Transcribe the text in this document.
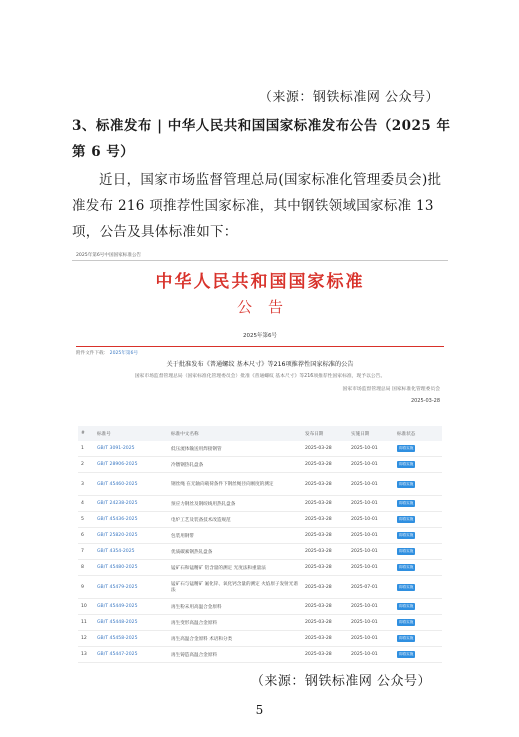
（来源：钢铁标准网 公众号）
3、标准发布 | 中华人民共和国国家标准发布公告（2025 年第 6 号）
近日，国家市场监督管理总局(国家标准化管理委员会)批准发布 216 项推荐性国家标准，其中钢铁领域国家标准 13 项，公告及具体标准如下：
2025年第6号中国国家标准公告
中华人民共和国国家标准
公告
2025年第6号
附件文件下载： 2025年第6号
关于批准发布《普通螺纹 基本尺寸》等216项推荐性国家标准的公告
国家市场监督管理总局（国家标准化管理委员会）批准《普通螺纹 基本尺寸》等216项推荐性国家标准，现予以公告。
国家市场监督管理总局 国家标准化管理委员会
2025-03-28
#	标准号	标准中文名称	发布日期	实施日期	标准状态
1	GB/T 3091-2025	低压流体输送用焊接钢管	2025-03-28	2025-10-01	即将实施
2	GB/T 28906-2025	冷镦钢热轧盘条	2025-03-28	2025-10-01	即将实施
3	GB/T 45460-2025	钢丝绳 在无轴向载荷条件下钢丝绳径向刚度的测定	2025-03-28	2025-10-01	即将实施
4	GB/T 24238-2025	预应力钢丝及钢绞线用热轧盘条	2025-03-28	2025-10-01	即将实施
5	GB/T 45436-2025	电炉工艺及装备技术改造规范	2025-03-28	2025-10-01	即将实施
6	GB/T 25820-2025	包装用钢带	2025-03-28	2025-10-01	即将实施
7	GB/T 4354-2025	优质碳素钢热轧盘条	2025-03-28	2025-10-01	即将实施
8	GB/T 45480-2025	锰矿石和锰精矿 铝含量的测定 光度法和重量法	2025-03-28	2025-10-01	即将实施
9	GB/T 45479-2025	锰矿石与锰精矿 氟化锌、氧化钙含量的测定 火焰原子发射光谱法	2025-03-28	2025-07-01	即将实施
10	GB/T 45449-2025	再生粉末用高温合金原料	2025-03-28	2025-10-01	即将实施
11	GB/T 45448-2025	再生变形高温合金原料	2025-03-28	2025-10-01	即将实施
12	GB/T 45458-2025	再生高温合金原料 术语和分类	2025-03-28	2025-10-01	即将实施
13	GB/T 45447-2025	再生铸造高温合金原料	2025-03-28	2025-10-01	即将实施
（来源：钢铁标准网 公众号）
5
